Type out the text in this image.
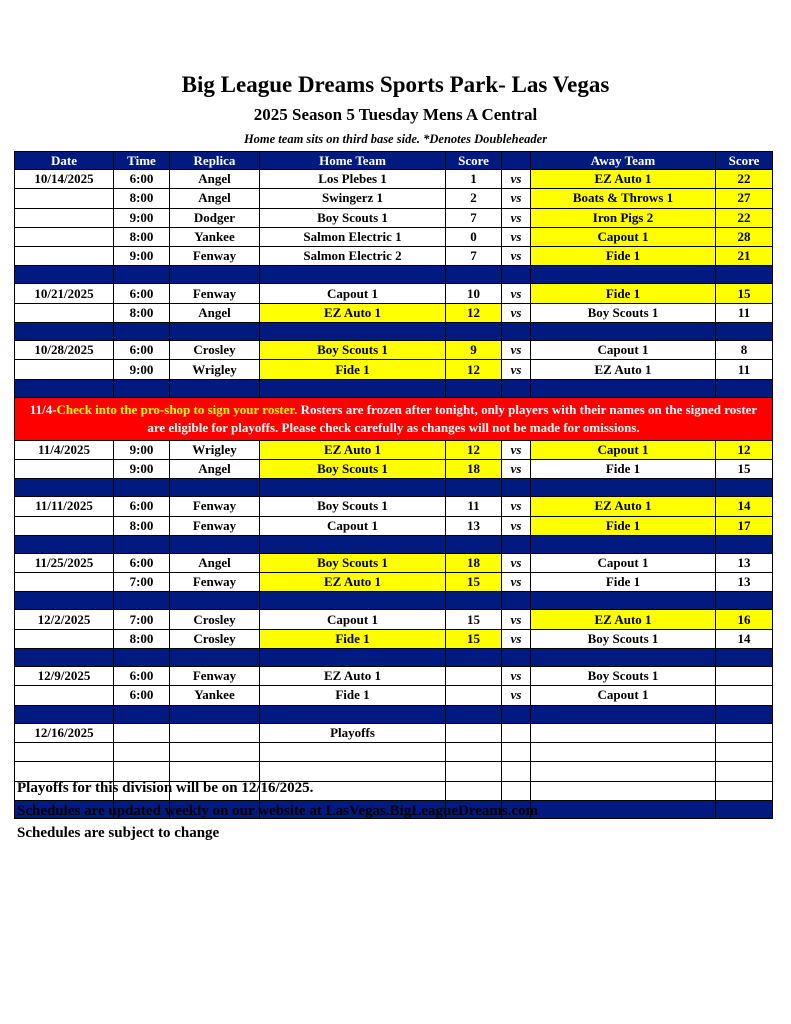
Big League Dreams Sports Park- Las Vegas
2025 Season 5 Tuesday Mens A Central
Home team sits on third base side. *Denotes Doubleheader
Date	Time	Replica	Home Team	Score		Away Team	Score
10/14/2025	6:00	Angel	Los Plebes 1	1	vs	EZ Auto 1	22
	8:00	Angel	Swingerz 1	2	vs	Boats & Throws 1	27
	9:00	Dodger	Boy Scouts 1	7	vs	Iron Pigs 2	22
	8:00	Yankee	Salmon Electric 1	0	vs	Capout 1	28
	9:00	Fenway	Salmon Electric 2	7	vs	Fide 1	21

10/21/2025	6:00	Fenway	Capout 1	10	vs	Fide 1	15
	8:00	Angel	EZ Auto 1	12	vs	Boy Scouts 1	11

10/28/2025	6:00	Crosley	Boy Scouts 1	9	vs	Capout 1	8
	9:00	Wrigley	Fide 1	12	vs	EZ Auto 1	11

11/4-Check into the pro-shop to sign your roster. Rosters are frozen after tonight, only players with their names on the signed roster are eligible for playoffs. Please check carefully as changes will not be made for omissions.							
11/4/2025	9:00	Wrigley	EZ Auto 1	12	vs	Capout 1	12
	9:00	Angel	Boy Scouts 1	18	vs	Fide 1	15

11/11/2025	6:00	Fenway	Boy Scouts 1	11	vs	EZ Auto 1	14
	8:00	Fenway	Capout 1	13	vs	Fide 1	17

11/25/2025	6:00	Angel	Boy Scouts 1	18	vs	Capout 1	13
	7:00	Fenway	EZ Auto 1	15	vs	Fide 1	13

12/2/2025	7:00	Crosley	Capout 1	15	vs	EZ Auto 1	16
	8:00	Crosley	Fide 1	15	vs	Boy Scouts 1	14

12/9/2025	6:00	Fenway	EZ Auto 1		vs	Boy Scouts 1	
	6:00	Yankee	Fide 1		vs	Capout 1	

12/16/2025			Playoffs				

Playoffs for this division will be on 12/16/2025.
Schedules are updated weekly on our website at LasVegas.BigLeagueDreams.com
Schedules are subject to change
